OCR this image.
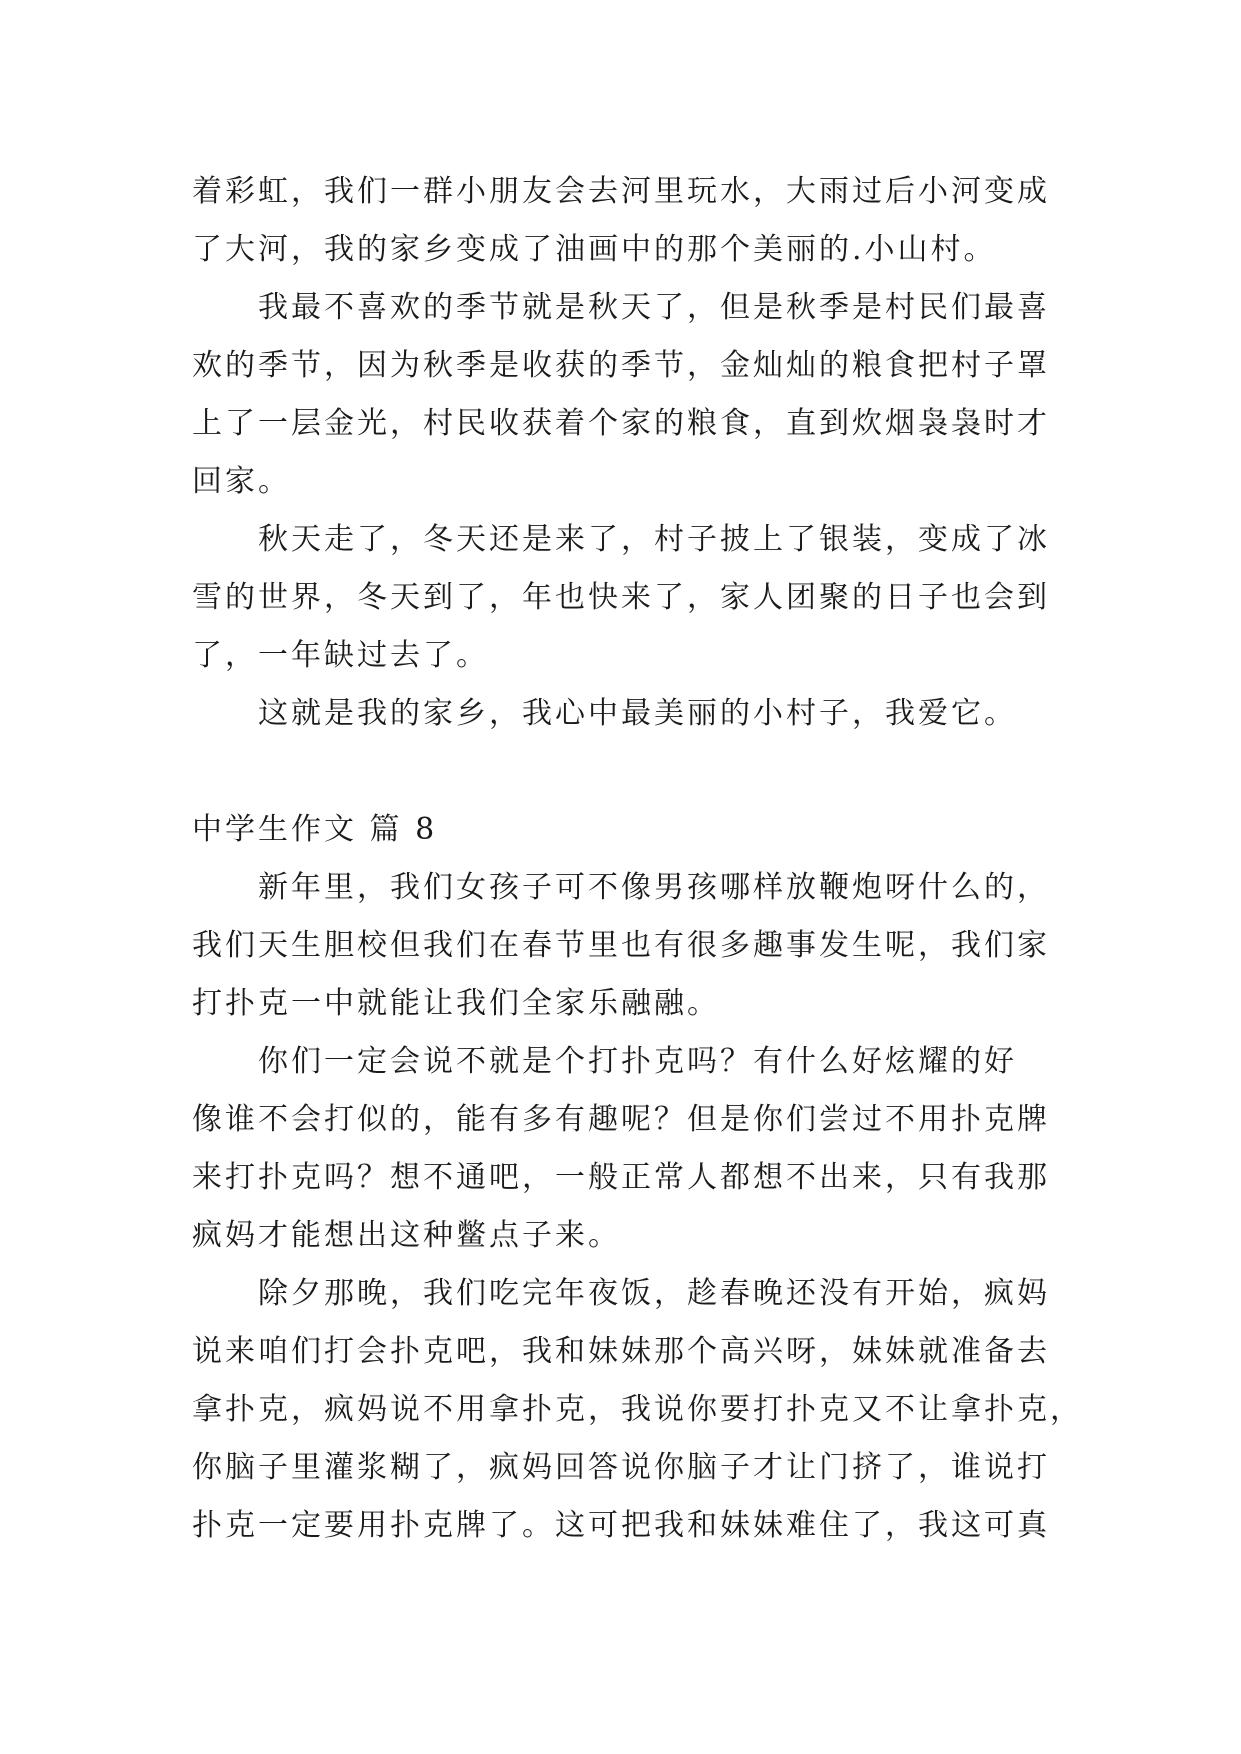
着彩虹，我们一群小朋友会去河里玩水，大雨过后小河变成
了大河，我的家乡变成了油画中的那个美丽的.小山村。
我最不喜欢的季节就是秋天了，但是秋季是村民们最喜
欢的季节，因为秋季是收获的季节，金灿灿的粮食把村子罩
上了一层金光，村民收获着个家的粮食，直到炊烟袅袅时才
回家。
秋天走了，冬天还是来了，村子披上了银装，变成了冰
雪的世界，冬天到了，年也快来了，家人团聚的日子也会到
了，一年缺过去了。
这就是我的家乡，我心中最美丽的小村子，我爱它。
中学生作文 篇 8
新年里，我们女孩子可不像男孩哪样放鞭炮呀什么的，
我们天生胆校但我们在春节里也有很多趣事发生呢，我们家
打扑克一中就能让我们全家乐融融。
你们一定会说不就是个打扑克吗？有什么好炫耀的好
像谁不会打似的，能有多有趣呢？但是你们尝过不用扑克牌
来打扑克吗？想不通吧，一般正常人都想不出来，只有我那
疯妈才能想出这种鳖点子来。
除夕那晚，我们吃完年夜饭，趁春晚还没有开始，疯妈
说来咱们打会扑克吧，我和妹妹那个高兴呀，妹妹就准备去
拿扑克，疯妈说不用拿扑克，我说你要打扑克又不让拿扑克，
你脑子里灌浆糊了，疯妈回答说你脑子才让门挤了，谁说打
扑克一定要用扑克牌了。这可把我和妹妹难住了，我这可真
